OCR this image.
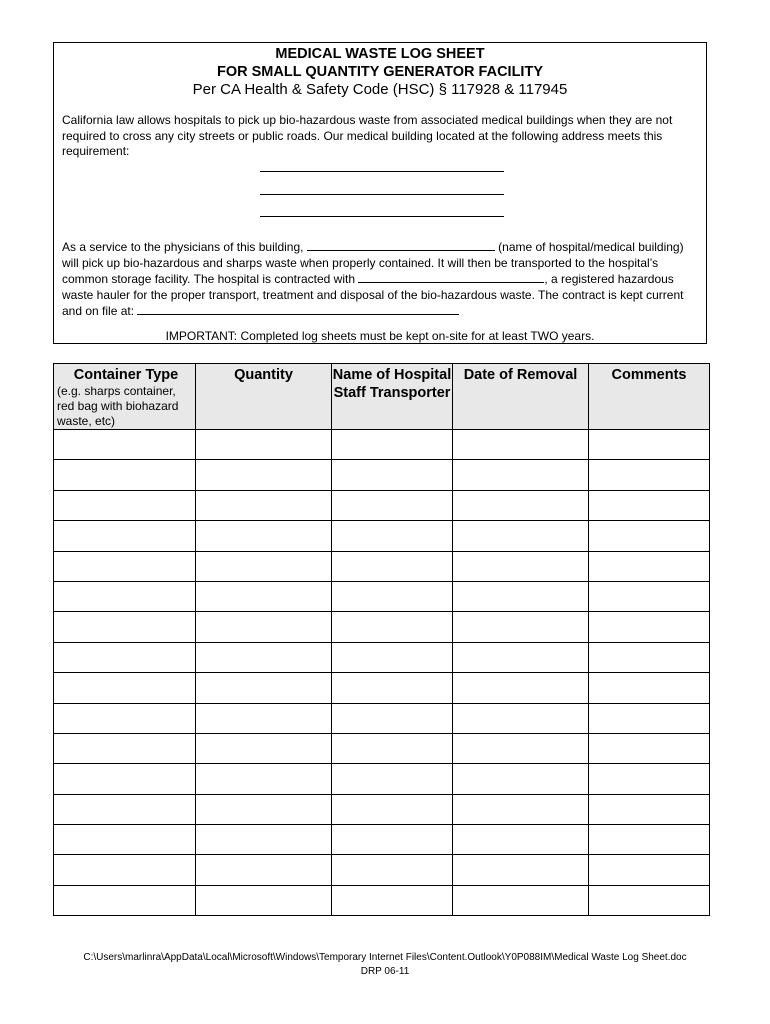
MEDICAL WASTE LOG SHEET
FOR SMALL QUANTITY GENERATOR FACILITY
Per CA Health & Safety Code (HSC) § 117928 & 117945
California law allows hospitals to pick up bio-hazardous waste from associated medical buildings when they are not required to cross any city streets or public roads. Our medical building located at the following address meets this requirement:
As a service to the physicians of this building,	(name of hospital/medical building) will pick up bio-hazardous and sharps waste when properly contained. It will then be transported to the hospital’s common storage facility. The hospital is contracted with	, a registered hazardous waste hauler for the proper transport, treatment and disposal of the bio-hazardous waste. The contract is kept current and on file at:
IMPORTANT: Completed log sheets must be kept on-site for at least TWO years.
Container Type
(e.g. sharps container, red bag with biohazard waste, etc)	Quantity	Name of Hospital Staff Transporter	Date of Removal	Comments

C:\Users\marlinra\AppData\Local\Microsoft\Windows\Temporary Internet Files\Content.Outlook\Y0P088IM\Medical Waste Log Sheet.doc
DRP 06-11
